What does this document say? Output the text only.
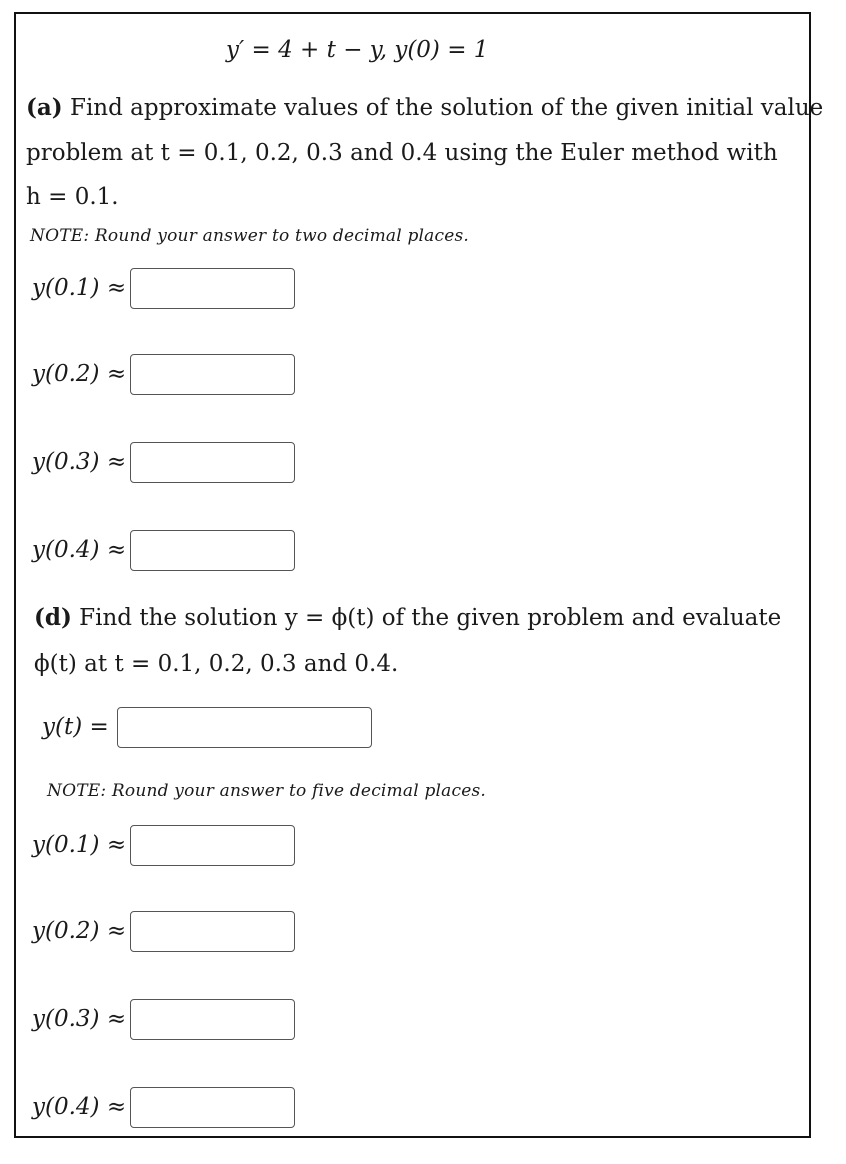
y′ = 4 + t − y, y(0) = 1
(a) Find approximate values of the solution of the given initial value
problem at t = 0.1, 0.2, 0.3 and 0.4 using the Euler method with
h = 0.1.
NOTE: Round your answer to two decimal places.
y(0.1) ≈
y(0.2) ≈
y(0.3) ≈
y(0.4) ≈
(d) Find the solution y = ϕ(t) of the given problem and evaluate
ϕ(t) at t = 0.1, 0.2, 0.3 and 0.4.
y(t) =
NOTE: Round your answer to five decimal places.
y(0.1) ≈
y(0.2) ≈
y(0.3) ≈
y(0.4) ≈
